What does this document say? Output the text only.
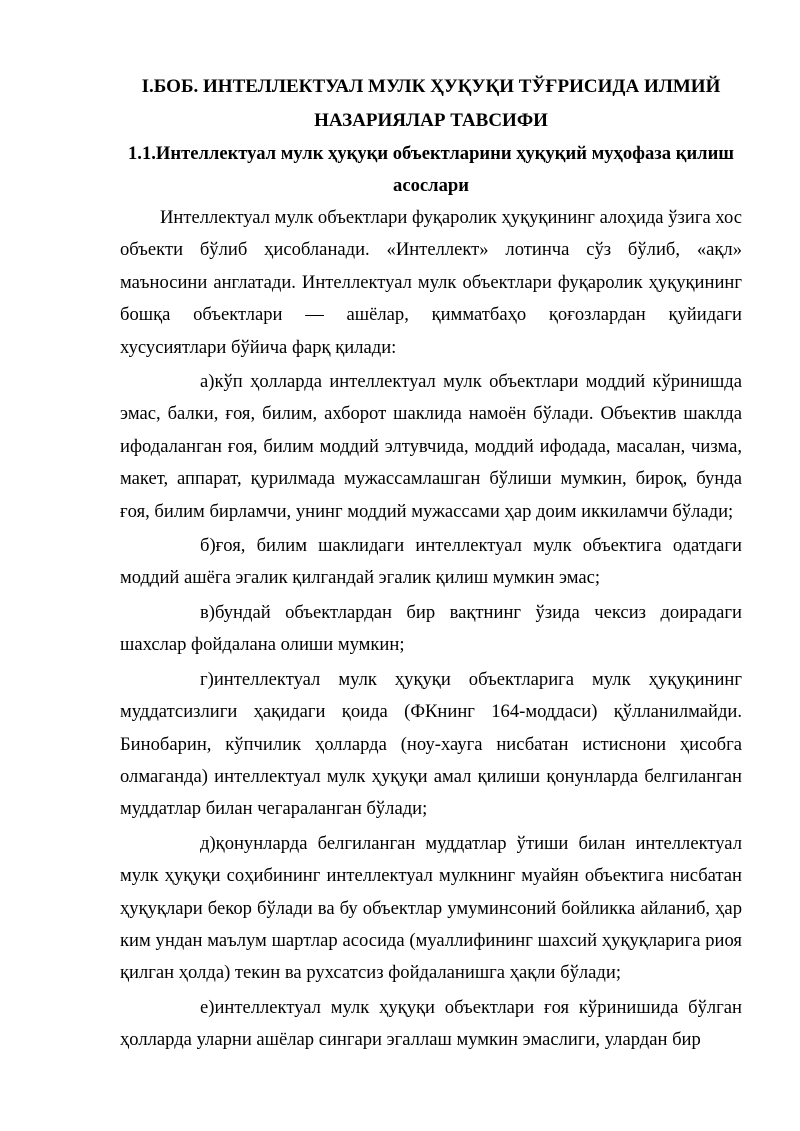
І.БОБ. ИНТЕЛЛЕКТУАЛ МУЛК ҲУҚУҚИ ТЎҒРИСИДА ИЛМИЙ НАЗАРИЯЛАР ТАВСИФИ

1.1.Интеллектуал мулк ҳуқуқи объектларини ҳуқуқий муҳофаза қилиш асослари

Интеллектуал мулк объектлари фуқаролик ҳуқуқининг алоҳида ўзига хос объекти бўлиб ҳисобланади. «Интеллект» лотинча сўз бўлиб, «ақл» маъносини англатади. Интеллектуал мулк объектлари фуқаролик ҳуқуқининг бошқа объектлари — ашёлар, қимматбаҳо қоғозлардан қуйидаги хусусиятлари бўйича фарқ қилади:

а)кўп ҳолларда интеллектуал мулк объектлари моддий кўринишда эмас, балки, ғоя, билим, ахборот шаклида намоён бўлади. Объектив шаклда ифодаланган ғоя, билим моддий элтувчида, моддий ифодада, масалан, чизма, макет, аппарат, қурилмада мужассамлашган бўлиши мумкин, бироқ, бунда ғоя, билим бирламчи, унинг моддий мужассами ҳар доим иккиламчи бўлади;

б)ғоя, билим шаклидаги интеллектуал мулк объектига одатдаги моддий ашёга эгалик қилгандай эгалик қилиш мумкин эмас;

в)бундай объектлардан бир вақтнинг ўзида чексиз доирадаги шахслар фойдалана олиши мумкин;

г)интеллектуал мулк ҳуқуқи объектларига мулк ҳуқуқининг муддатсизлиги ҳақидаги қоида (ФКнинг 164-моддаси) қўлланилмайди. Бинобарин, кўпчилик ҳолларда (ноу-хауга нисбатан истиснони ҳисобга олмаганда) интеллектуал мулк ҳуқуқи амал қилиши қонунларда белгиланган муддатлар билан чегараланган бўлади;

д)қонунларда белгиланган муддатлар ўтиши билан интеллектуал мулк ҳуқуқи соҳибининг интеллектуал мулкнинг муайян объектига нисбатан ҳуқуқлари бекор бўлади ва бу объектлар умуминсоний бойликка айланиб, ҳар ким ундан маълум шартлар асосида (муаллифининг шахсий ҳуқуқларига риоя қилган ҳолда) текин ва рухсатсиз фойдаланишга ҳақли бўлади;

е)интеллектуал мулк ҳуқуқи объектлари ғоя кўринишида бўлган ҳолларда уларни ашёлар сингари эгаллаш мумкин эмаслиги, улардан бир
